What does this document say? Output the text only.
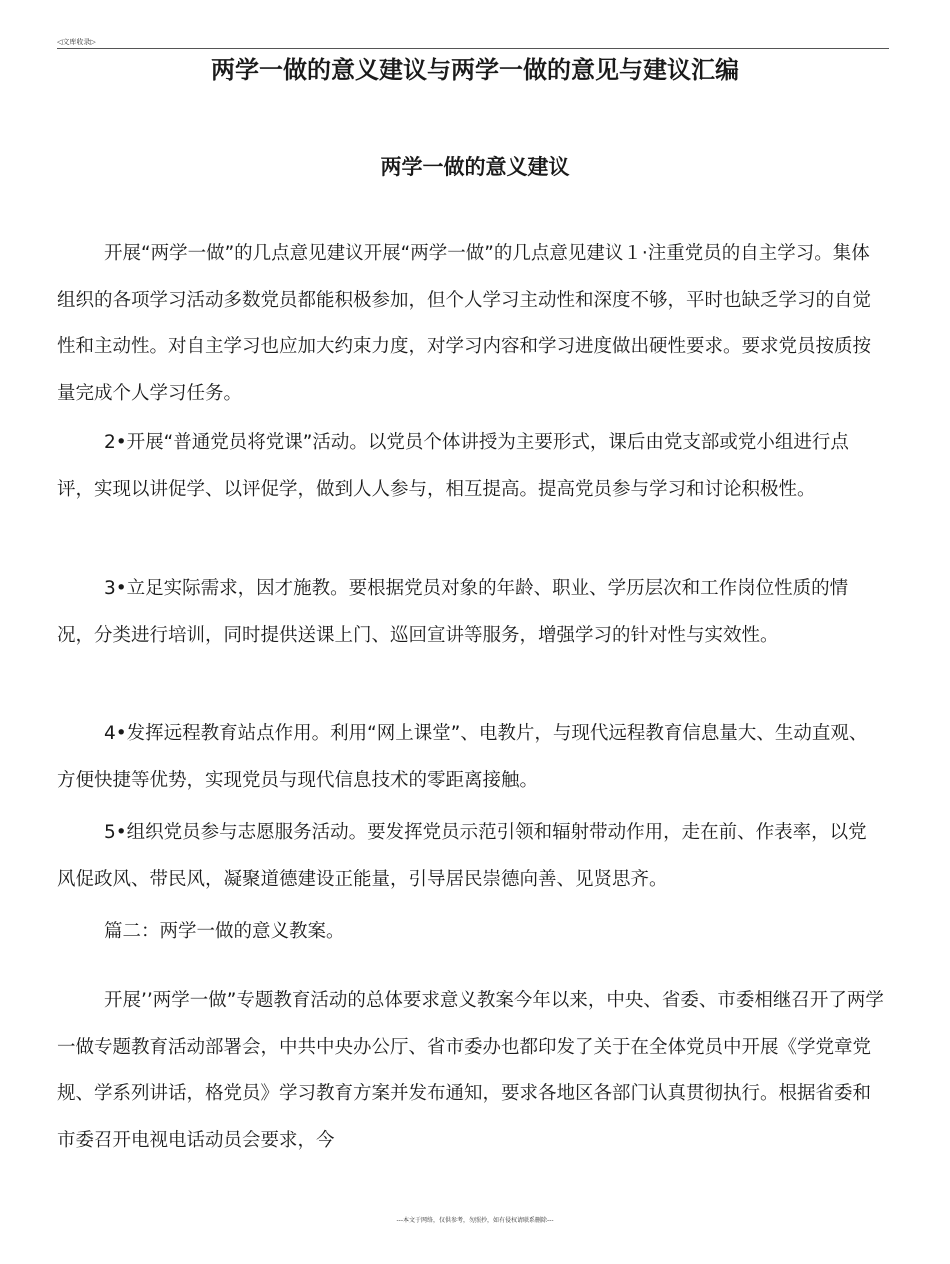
◁文库收录▷
两学一做的意义建议与两学一做的意见与建议汇编
两学一做的意义建议

开展“两学一做”的几点意见建议开展“两学一做”的几点意见建议１·注重党员的自主学习。集体组织的各项学习活动多数党员都能积极参加，但个人学习主动性和深度不够，平时也缺乏学习的自觉性和主动性。对自主学习也应加大约束力度，对学习内容和学习进度做出硬性要求。要求党员按质按量完成个人学习任务。

2•开展“普通党员将党课”活动。以党员个体讲授为主要形式，课后由党支部或党小组进行点评，实现以讲促学、以评促学，做到人人参与，相互提高。提高党员参与学习和讨论积极性。

3•立足实际需求，因才施教。要根据党员对象的年龄、职业、学历层次和工作岗位性质的情况，分类进行培训，同时提供送课上门、巡回宣讲等服务，增强学习的针对性与实效性。

4•发挥远程教育站点作用。利用“网上课堂”、电教片，与现代远程教育信息量大、生动直观、方便快捷等优势，实现党员与现代信息技术的零距离接触。

5•组织党员参与志愿服务活动。要发挥党员示范引领和辐射带动作用，走在前、作表率，以党风促政风、带民风，凝聚道德建设正能量，引导居民崇德向善、见贤思齐。

篇二：两学一做的意义教案。

开展’’两学一做”专题教育活动的总体要求意义教案今年以来，中央、省委、市委相继召开了两学一做专题教育活动部署会，中共中央办公厅、省市委办也都印发了关于在全体党员中开展《学党章党规、学系列讲话，格党员》学习教育方案并发布通知，要求各地区各部门认真贯彻执行。根据省委和市委召开电视电话动员会要求，今

---本文于网络，仅供参考，勿照抄，如有侵权请联系删除---
